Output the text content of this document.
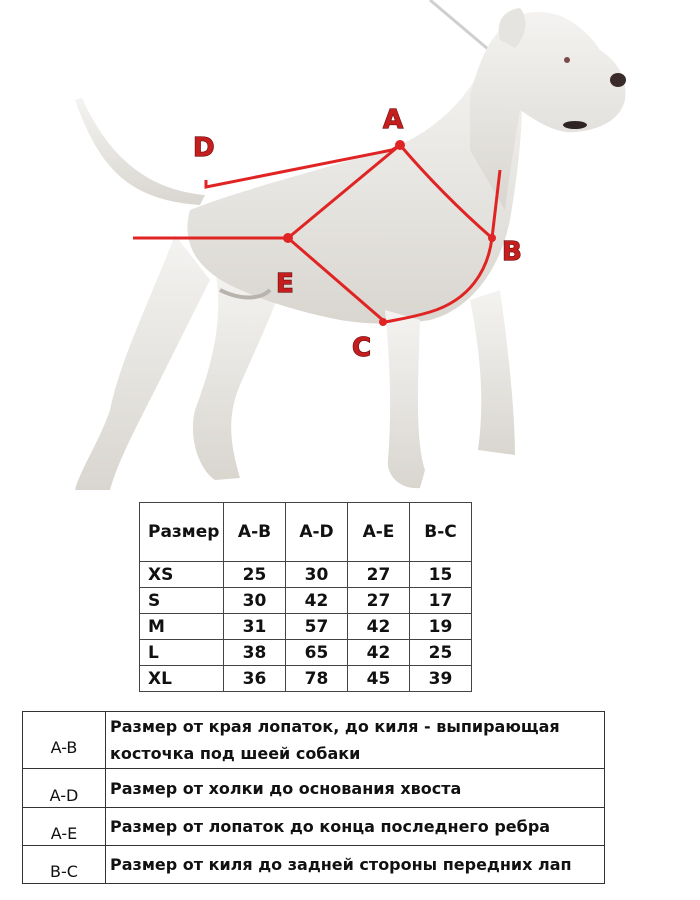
A
B
C
D
E
Размер	A-B	A-D	A-E	B-C
XS	25	30	27	15
S	30	42	27	17
M	31	57	42	19
L	38	65	42	25
XL	36	78	45	39
A-B	Размер от края лопаток, до киля - выпирающая косточка под шеей собаки
A-D	Размер от холки до основания хвоста
A-E	Размер от лопаток до конца последнего ребра
B-C	Размер от киля до задней стороны передних лап
